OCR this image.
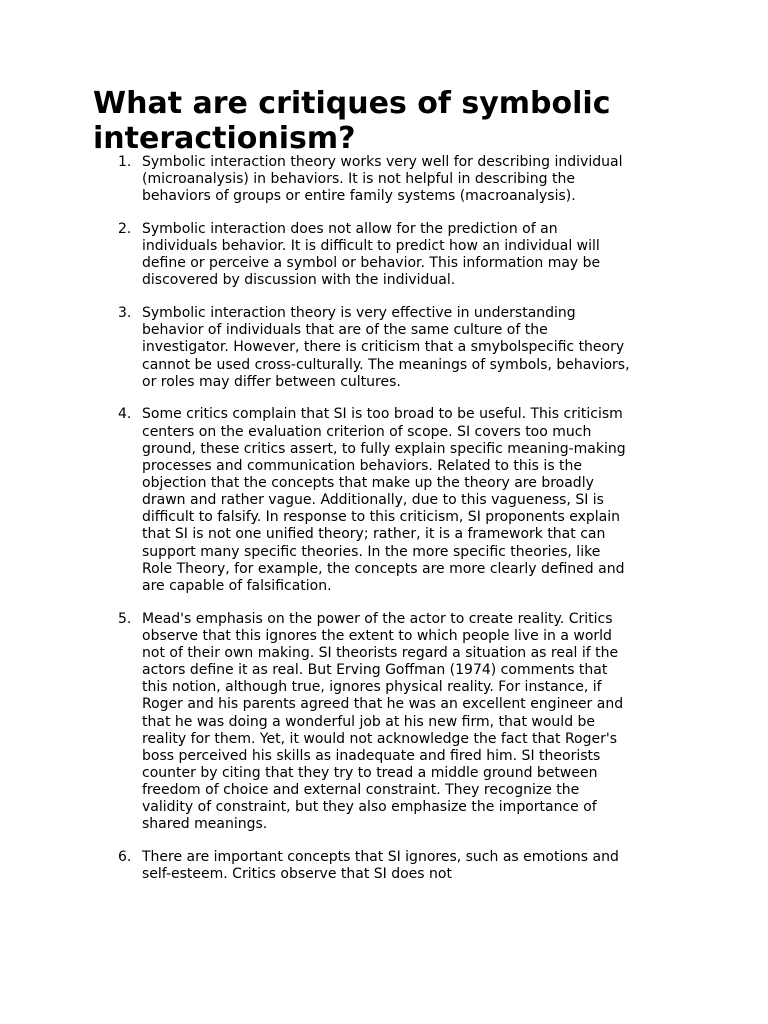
What are critiques of symbolic interactionism?
1. Symbolic interaction theory works very well for describing individual (microanalysis) in behaviors. It is not helpful in describing the behaviors of groups or entire family systems (macroanalysis).
2. Symbolic interaction does not allow for the prediction of an individuals behavior. It is difficult to predict how an individual will define or perceive a symbol or behavior. This information may be discovered by discussion with the individual.
3. Symbolic interaction theory is very effective in understanding behavior of individuals that are of the same culture of the investigator. However, there is criticism that a smybolspecific theory cannot be used cross-culturally. The meanings of symbols, behaviors, or roles may differ between cultures.
4. Some critics complain that SI is too broad to be useful. This criticism centers on the evaluation criterion of scope. SI covers too much ground, these critics assert, to fully explain specific meaning-making processes and communication behaviors. Related to this is the objection that the concepts that make up the theory are broadly drawn and rather vague. Additionally, due to this vagueness, SI is difficult to falsify. In response to this criticism, SI proponents explain that SI is not one unified theory; rather, it is a framework that can support many specific theories. In the more specific theories, like Role Theory, for example, the concepts are more clearly defined and are capable of falsification.
5. Mead's emphasis on the power of the actor to create reality. Critics observe that this ignores the extent to which people live in a world not of their own making. SI theorists regard a situation as real if the actors define it as real. But Erving Goffman (1974) comments that this notion, although true, ignores physical reality. For instance, if Roger and his parents agreed that he was an excellent engineer and that he was doing a wonderful job at his new firm, that would be reality for them. Yet, it would not acknowledge the fact that Roger's boss perceived his skills as inadequate and fired him. SI theorists counter by citing that they try to tread a middle ground between freedom of choice and external constraint. They recognize the validity of constraint, but they also emphasize the importance of shared meanings.
6. There are important concepts that SI ignores, such as emotions and self-esteem. Critics observe that SI does not
